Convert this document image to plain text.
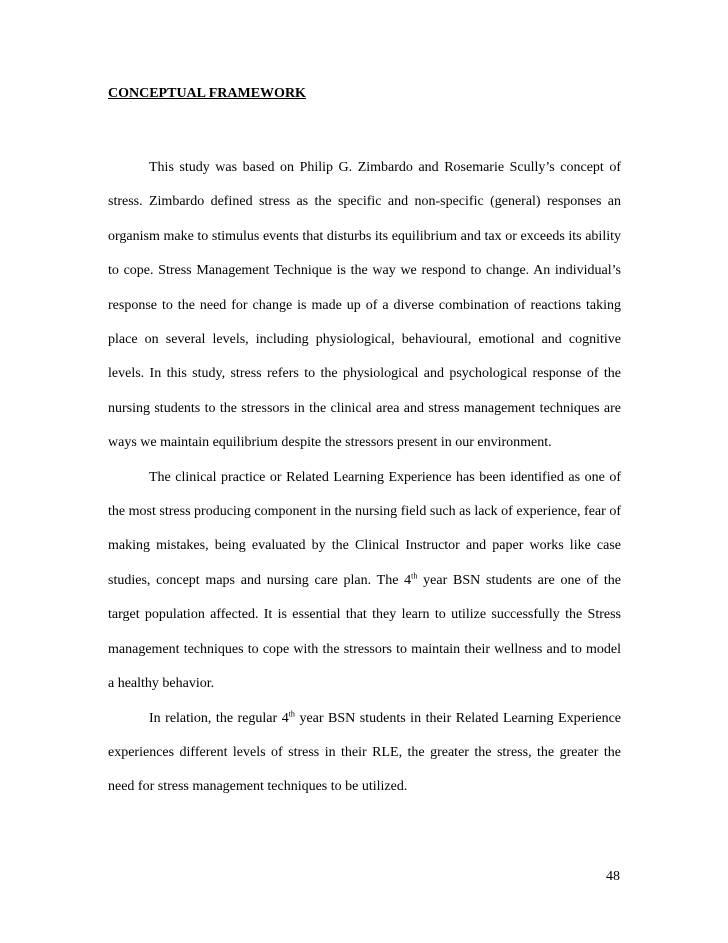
CONCEPTUAL FRAMEWORK

This study was based on Philip G. Zimbardo and Rosemarie Scully’s concept of stress. Zimbardo defined stress as the specific and non-specific (general) responses an organism make to stimulus events that disturbs its equilibrium and tax or exceeds its ability to cope. Stress Management Technique is the way we respond to change. An individual’s response to the need for change is made up of a diverse combination of reactions taking place on several levels, including physiological, behavioural, emotional and cognitive levels. In this study, stress refers to the physiological and psychological response of the nursing students to the stressors in the clinical area and stress management techniques are ways we maintain equilibrium despite the stressors present in our environment.

The clinical practice or Related Learning Experience has been identified as one of the most stress producing component in the nursing field such as lack of experience, fear of making mistakes, being evaluated by the Clinical Instructor and paper works like case studies, concept maps and nursing care plan. The 4th year BSN students are one of the target population affected. It is essential that they learn to utilize successfully the Stress management techniques to cope with the stressors to maintain their wellness and to model a healthy behavior.

In relation, the regular 4th year BSN students in their Related Learning Experience experiences different levels of stress in their RLE, the greater the stress, the greater the need for stress management techniques to be utilized.

48
